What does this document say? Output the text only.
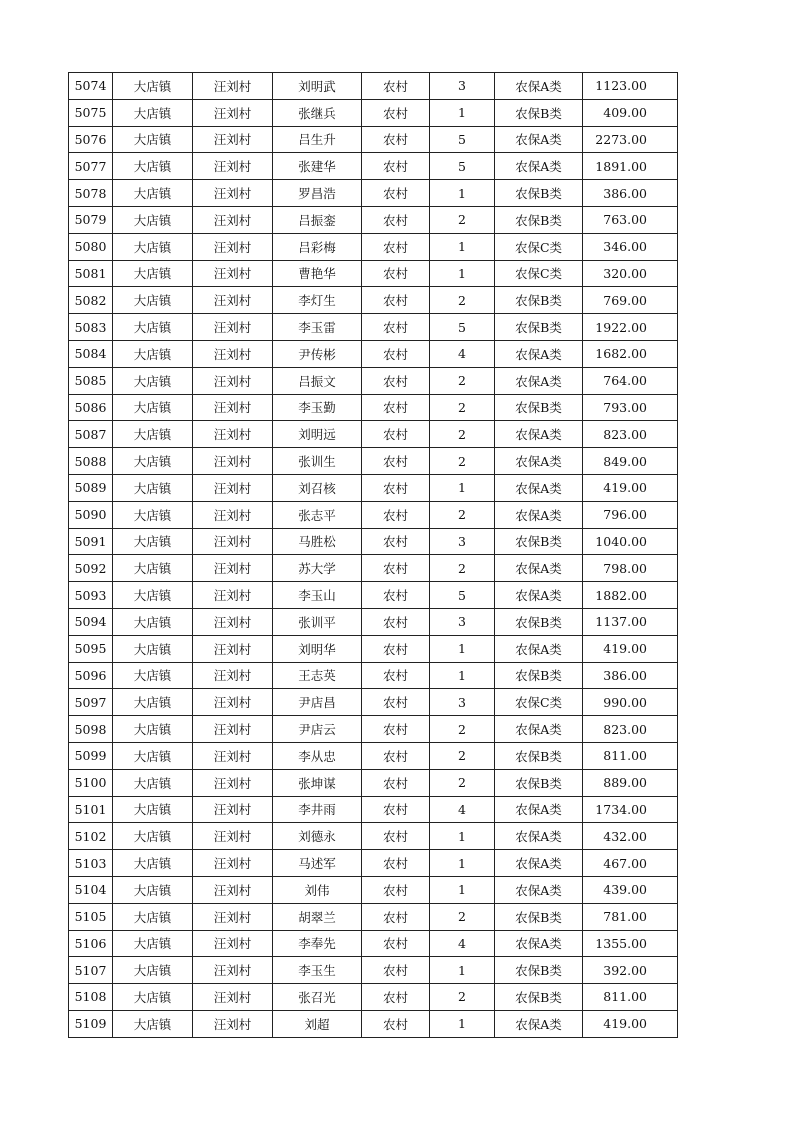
5074	大店镇	汪刘村	刘明武	农村	3	农保A类	1123.00
5075	大店镇	汪刘村	张继兵	农村	1	农保B类	409.00
5076	大店镇	汪刘村	吕生升	农村	5	农保A类	2273.00
5077	大店镇	汪刘村	张建华	农村	5	农保A类	1891.00
5078	大店镇	汪刘村	罗昌浩	农村	1	农保B类	386.00
5079	大店镇	汪刘村	吕振銮	农村	2	农保B类	763.00
5080	大店镇	汪刘村	吕彩梅	农村	1	农保C类	346.00
5081	大店镇	汪刘村	曹艳华	农村	1	农保C类	320.00
5082	大店镇	汪刘村	李灯生	农村	2	农保B类	769.00
5083	大店镇	汪刘村	李玉雷	农村	5	农保B类	1922.00
5084	大店镇	汪刘村	尹传彬	农村	4	农保A类	1682.00
5085	大店镇	汪刘村	吕振文	农村	2	农保A类	764.00
5086	大店镇	汪刘村	李玉勤	农村	2	农保B类	793.00
5087	大店镇	汪刘村	刘明远	农村	2	农保A类	823.00
5088	大店镇	汪刘村	张训生	农村	2	农保A类	849.00
5089	大店镇	汪刘村	刘召核	农村	1	农保A类	419.00
5090	大店镇	汪刘村	张志平	农村	2	农保A类	796.00
5091	大店镇	汪刘村	马胜松	农村	3	农保B类	1040.00
5092	大店镇	汪刘村	苏大学	农村	2	农保A类	798.00
5093	大店镇	汪刘村	李玉山	农村	5	农保A类	1882.00
5094	大店镇	汪刘村	张训平	农村	3	农保B类	1137.00
5095	大店镇	汪刘村	刘明华	农村	1	农保A类	419.00
5096	大店镇	汪刘村	王志英	农村	1	农保B类	386.00
5097	大店镇	汪刘村	尹店昌	农村	3	农保C类	990.00
5098	大店镇	汪刘村	尹店云	农村	2	农保A类	823.00
5099	大店镇	汪刘村	李从忠	农村	2	农保B类	811.00
5100	大店镇	汪刘村	张坤谋	农村	2	农保B类	889.00
5101	大店镇	汪刘村	李井雨	农村	4	农保A类	1734.00
5102	大店镇	汪刘村	刘德永	农村	1	农保A类	432.00
5103	大店镇	汪刘村	马述军	农村	1	农保A类	467.00
5104	大店镇	汪刘村	刘伟	农村	1	农保A类	439.00
5105	大店镇	汪刘村	胡翠兰	农村	2	农保B类	781.00
5106	大店镇	汪刘村	李奉先	农村	4	农保A类	1355.00
5107	大店镇	汪刘村	李玉生	农村	1	农保B类	392.00
5108	大店镇	汪刘村	张召光	农村	2	农保B类	811.00
5109	大店镇	汪刘村	刘超	农村	1	农保A类	419.00
